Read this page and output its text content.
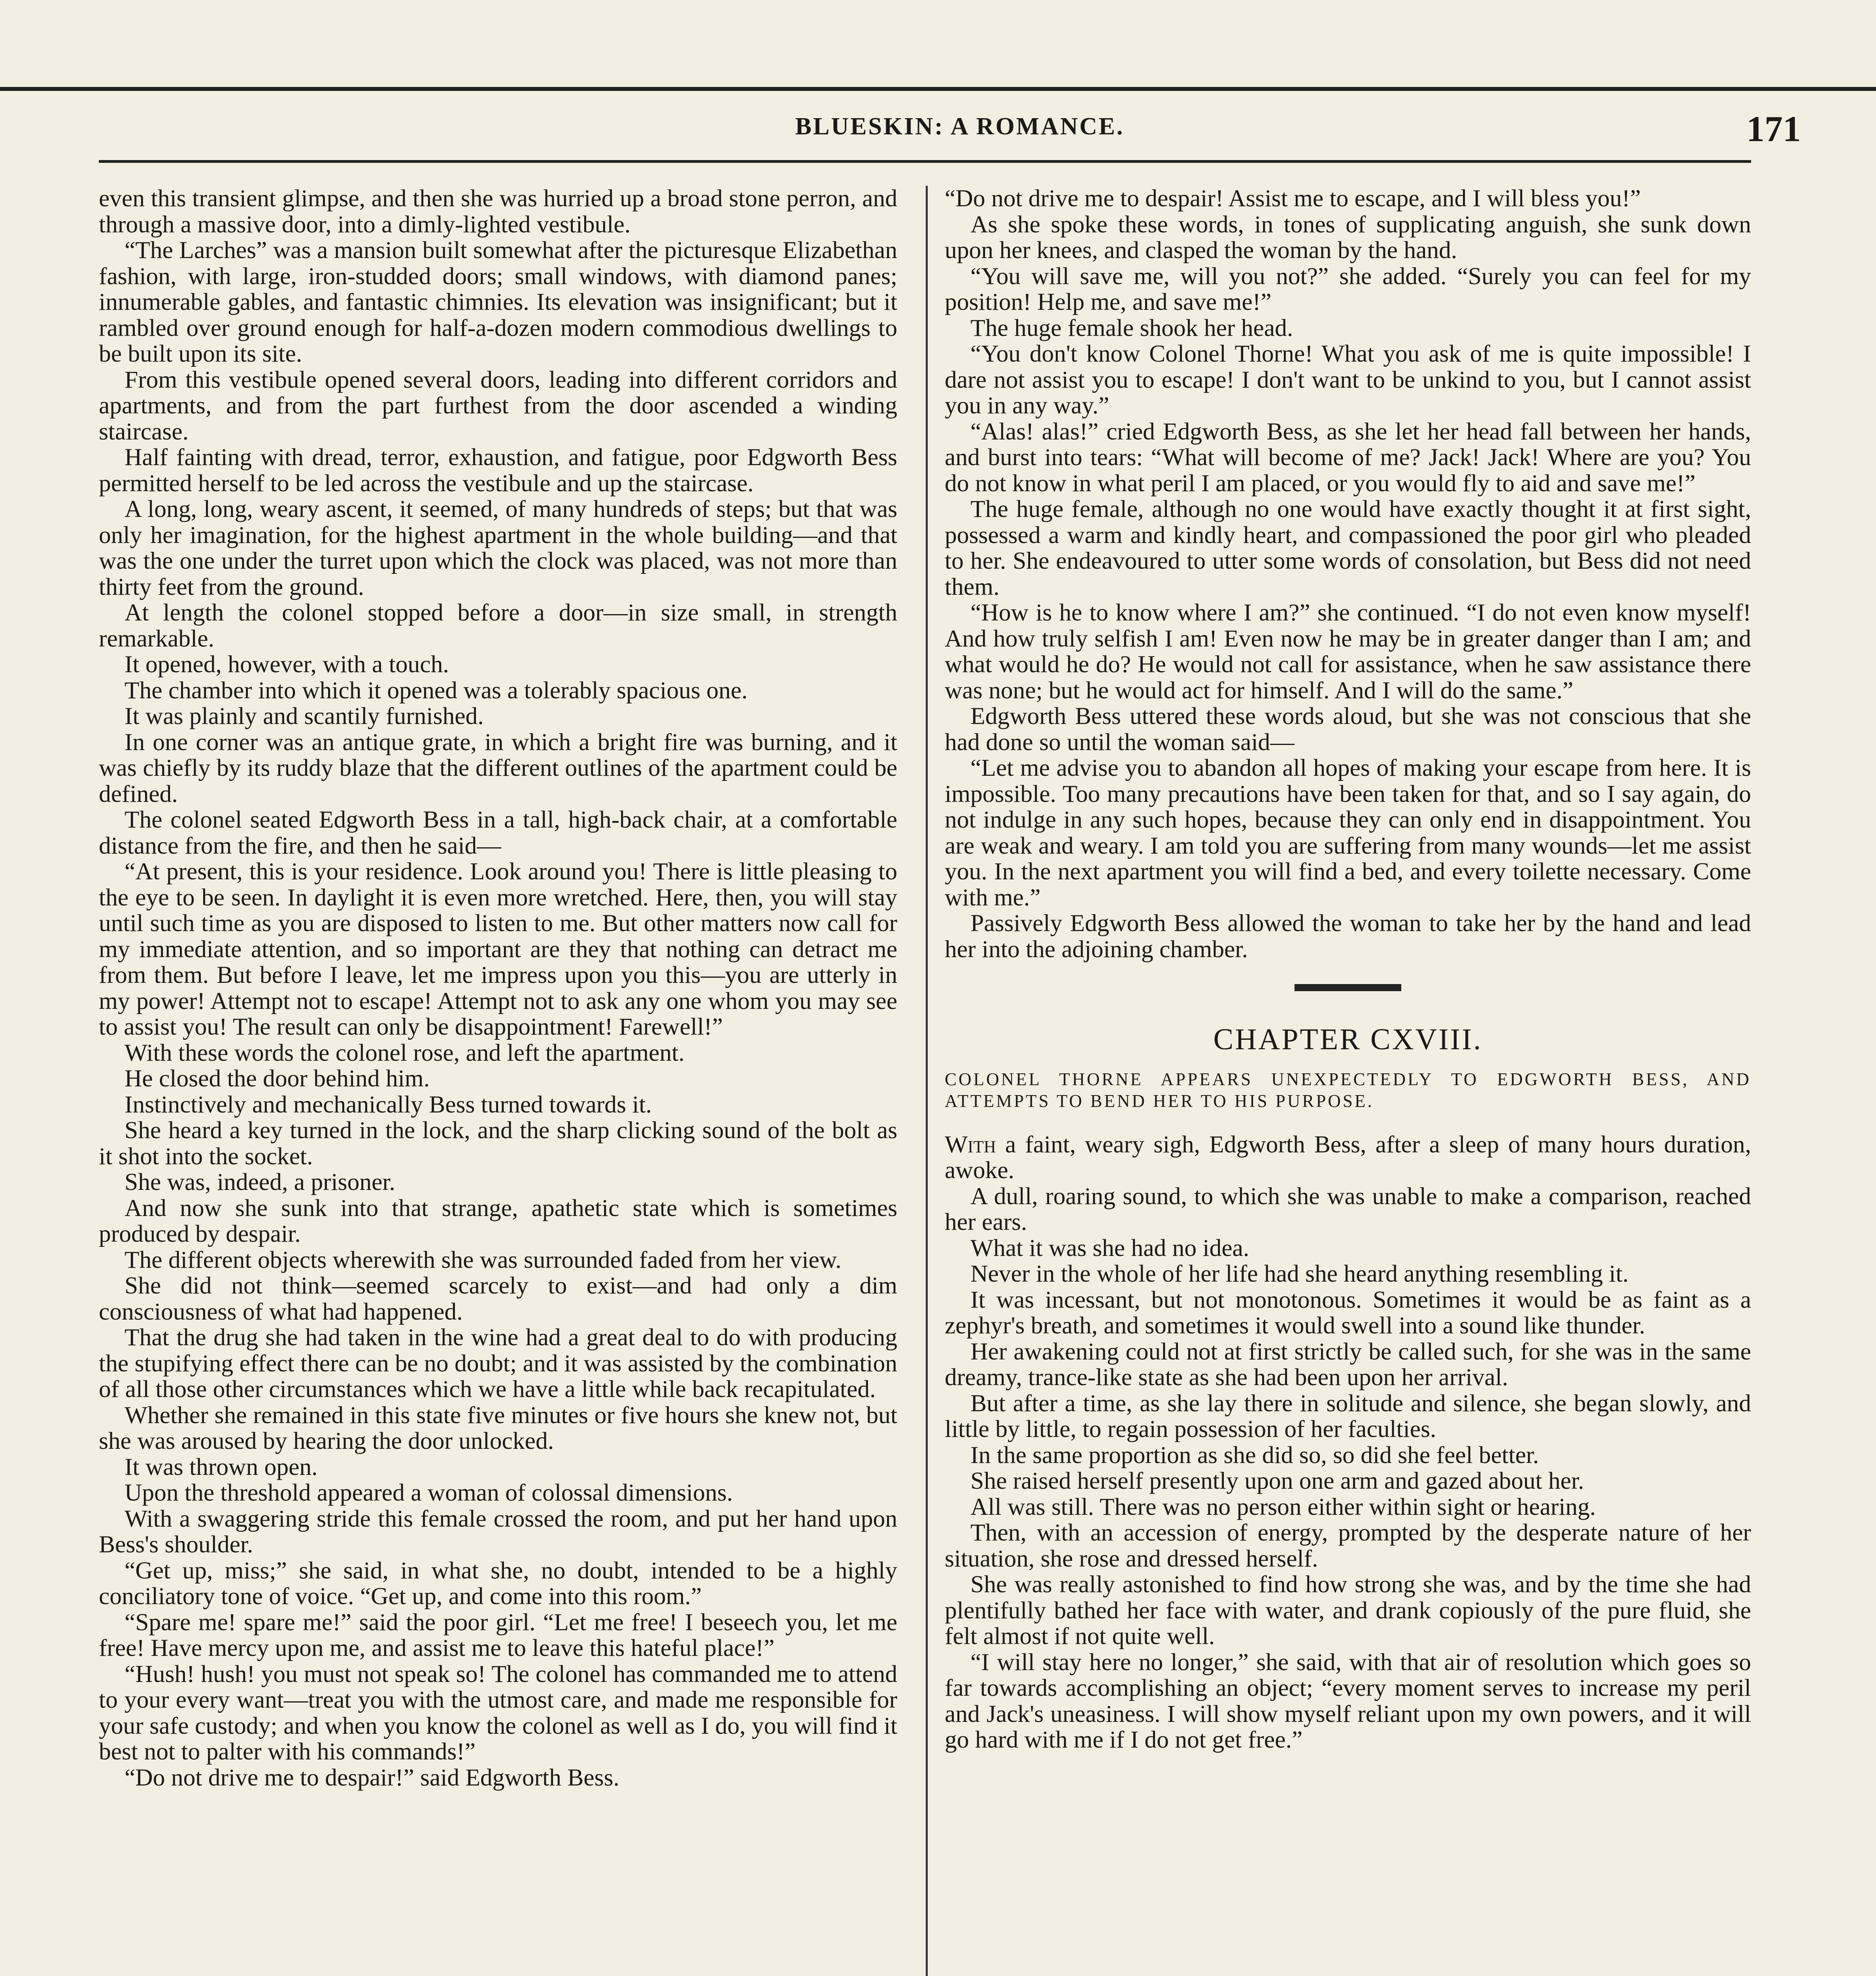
BLUESKIN: A ROMANCE.	171

even this transient glimpse, and then she was hurried up a broad stone perron, and through a massive door, into a dimly-lighted vestibule.

“The Larches” was a mansion built somewhat after the picturesque Elizabethan fashion, with large, iron-studded doors; small windows, with diamond panes; innumerable gables, and fantastic chimnies. Its elevation was insignificant; but it rambled over ground enough for half-a-dozen modern commodious dwellings to be built upon its site.

From this vestibule opened several doors, leading into different corridors and apartments, and from the part furthest from the door ascended a winding staircase.

Half fainting with dread, terror, exhaustion, and fatigue, poor Edgworth Bess permitted herself to be led across the vestibule and up the staircase.

A long, long, weary ascent, it seemed, of many hundreds of steps; but that was only her imagination, for the highest apartment in the whole building—and that was the one under the turret upon which the clock was placed, was not more than thirty feet from the ground.

At length the colonel stopped before a door—in size small, in strength remarkable.

It opened, however, with a touch.

The chamber into which it opened was a tolerably spacious one.

It was plainly and scantily furnished.

In one corner was an antique grate, in which a bright fire was burning, and it was chiefly by its ruddy blaze that the different outlines of the apartment could be defined.

The colonel seated Edgworth Bess in a tall, high-back chair, at a comfortable distance from the fire, and then he said—

“At present, this is your residence. Look around you! There is little pleasing to the eye to be seen. In daylight it is even more wretched. Here, then, you will stay until such time as you are disposed to listen to me. But other matters now call for my immediate attention, and so important are they that nothing can detract me from them. But before I leave, let me impress upon you this—you are utterly in my power! Attempt not to escape! Attempt not to ask any one whom you may see to assist you! The result can only be disappointment! Farewell!”

With these words the colonel rose, and left the apartment.

He closed the door behind him.

Instinctively and mechanically Bess turned towards it.

She heard a key turned in the lock, and the sharp clicking sound of the bolt as it shot into the socket.

She was, indeed, a prisoner.

And now she sunk into that strange, apathetic state which is sometimes produced by despair.

The different objects wherewith she was surrounded faded from her view.

She did not think—seemed scarcely to exist—and had only a dim consciousness of what had happened.

That the drug she had taken in the wine had a great deal to do with producing the stupifying effect there can be no doubt; and it was assisted by the combination of all those other circumstances which we have a little while back recapitulated.

Whether she remained in this state five minutes or five hours she knew not, but she was aroused by hearing the door unlocked.

It was thrown open.

Upon the threshold appeared a woman of colossal dimensions.

With a swaggering stride this female crossed the room, and put her hand upon Bess's shoulder.

“Get up, miss;” she said, in what she, no doubt, intended to be a highly conciliatory tone of voice. “Get up, and come into this room.”

“Spare me! spare me!” said the poor girl. “Let me free! I beseech you, let me free! Have mercy upon me, and assist me to leave this hateful place!”

“Hush! hush! you must not speak so! The colonel has commanded me to attend to your every want—treat you with the utmost care, and made me responsible for your safe custody; and when you know the colonel as well as I do, you will find it best not to palter with his commands!”

“Do not drive me to despair!” said Edgworth Bess.

“Do not drive me to despair! Assist me to escape, and I will bless you!”

As she spoke these words, in tones of supplicating anguish, she sunk down upon her knees, and clasped the woman by the hand.

“You will save me, will you not?” she added. “Surely you can feel for my position! Help me, and save me!”

The huge female shook her head.

“You don't know Colonel Thorne! What you ask of me is quite impossible! I dare not assist you to escape! I don't want to be unkind to you, but I cannot assist you in any way.”

“Alas! alas!” cried Edgworth Bess, as she let her head fall between her hands, and burst into tears: “What will become of me? Jack! Jack! Where are you? You do not know in what peril I am placed, or you would fly to aid and save me!”

The huge female, although no one would have exactly thought it at first sight, possessed a warm and kindly heart, and compassioned the poor girl who pleaded to her. She endeavoured to utter some words of consolation, but Bess did not need them.

“How is he to know where I am?” she continued. “I do not even know myself! And how truly selfish I am! Even now he may be in greater danger than I am; and what would he do? He would not call for assistance, when he saw assistance there was none; but he would act for himself. And I will do the same.”

Edgworth Bess uttered these words aloud, but she was not conscious that she had done so until the woman said—

“Let me advise you to abandon all hopes of making your escape from here. It is impossible. Too many precautions have been taken for that, and so I say again, do not indulge in any such hopes, because they can only end in disappointment. You are weak and weary. I am told you are suffering from many wounds—let me assist you. In the next apartment you will find a bed, and every toilette necessary. Come with me.”

Passively Edgworth Bess allowed the woman to take her by the hand and lead her into the adjoining chamber.

CHAPTER CXVIII.
COLONEL THORNE APPEARS UNEXPECTEDLY TO EDGWORTH BESS, AND ATTEMPTS TO BEND HER TO HIS PURPOSE.

With a faint, weary sigh, Edgworth Bess, after a sleep of many hours duration, awoke.

A dull, roaring sound, to which she was unable to make a comparison, reached her ears.

What it was she had no idea.

Never in the whole of her life had she heard anything resembling it.

It was incessant, but not monotonous. Sometimes it would be as faint as a zephyr's breath, and sometimes it would swell into a sound like thunder.

Her awakening could not at first strictly be called such, for she was in the same dreamy, trance-like state as she had been upon her arrival.

But after a time, as she lay there in solitude and silence, she began slowly, and little by little, to regain possession of her faculties.

In the same proportion as she did so, so did she feel better.

She raised herself presently upon one arm and gazed about her.

All was still. There was no person either within sight or hearing.

Then, with an accession of energy, prompted by the desperate nature of her situation, she rose and dressed herself.

She was really astonished to find how strong she was, and by the time she had plentifully bathed her face with water, and drank copiously of the pure fluid, she felt almost if not quite well.

“I will stay here no longer,” she said, with that air of resolution which goes so far towards accomplishing an object; “every moment serves to increase my peril and Jack's uneasiness. I will show myself reliant upon my own powers, and it will go hard with me if I do not get free.”
